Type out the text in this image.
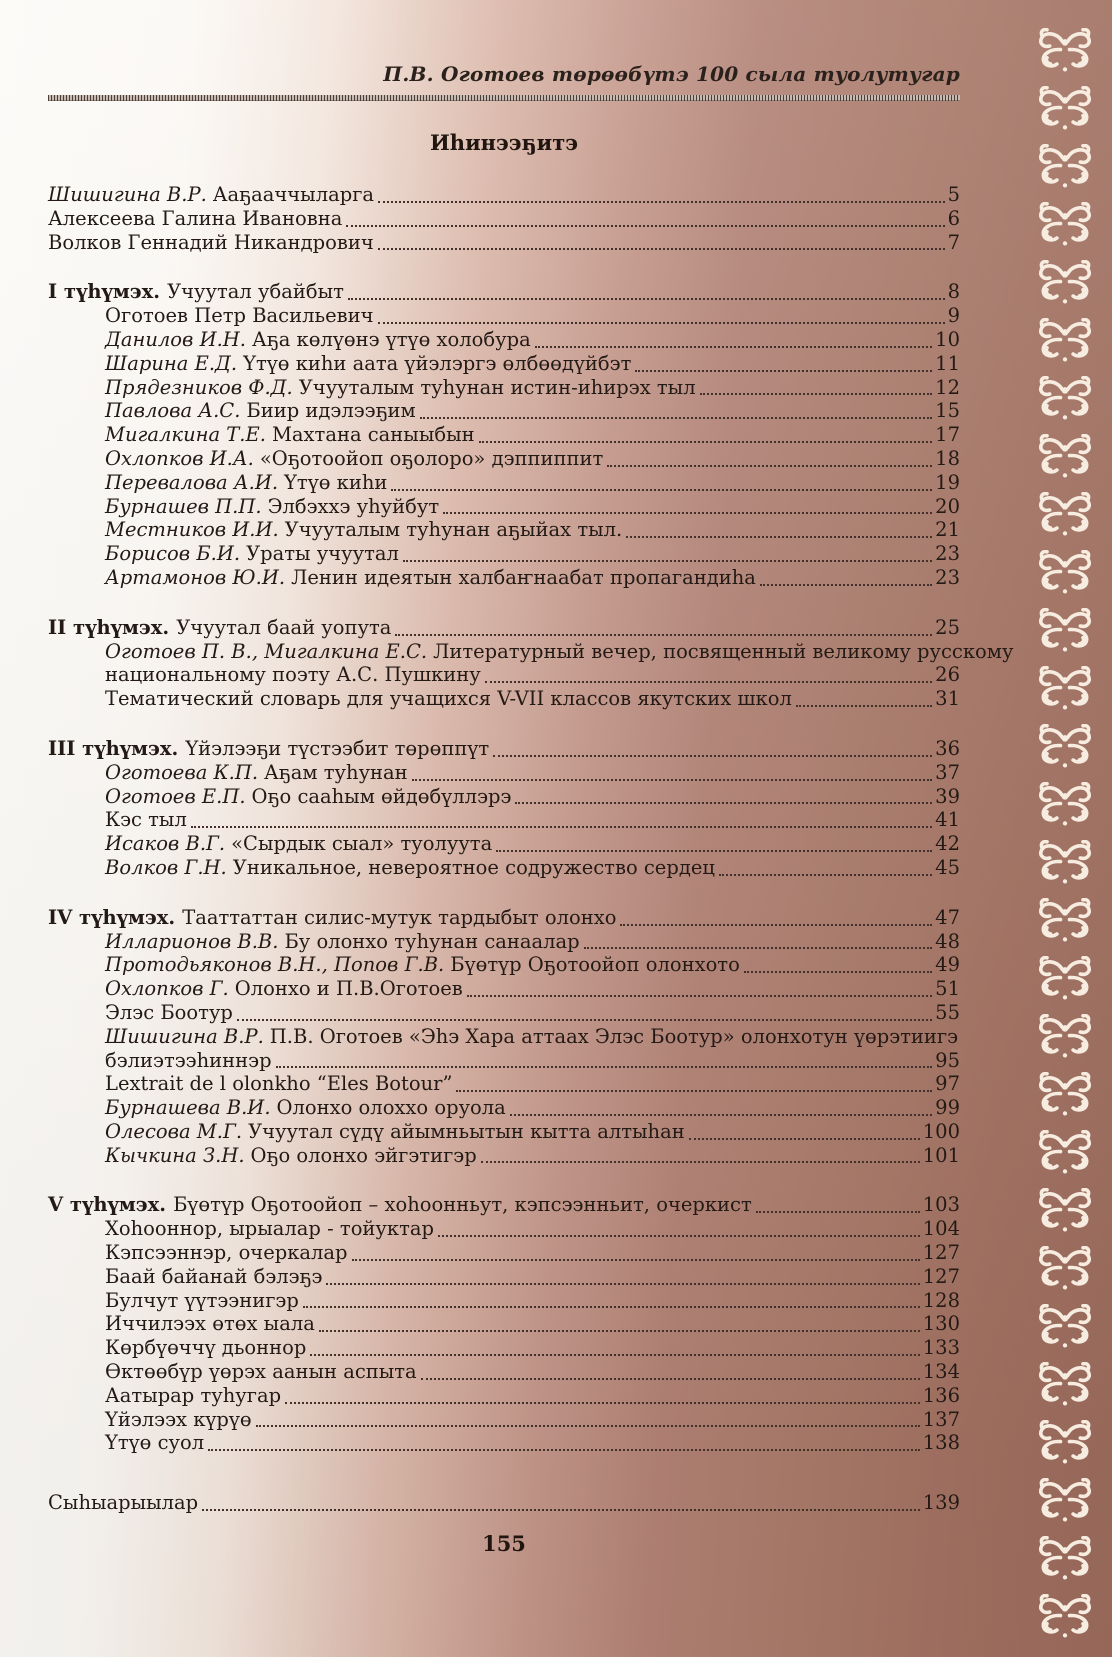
П.В. Оготоев төрөөбүтэ 100 сыла туолутугар
Иһинээҕитэ
Шишигина В.Р. Ааҕааччыларга	5
Алексеева Галина Ивановна	6
Волков Геннадий Никандрович	7
I түһүмэх. Учуутал убайбыт	8
Оготоев Петр Васильевич	9
Данилов И.Н. Аҕа көлүөнэ үтүө холобура	10
Шарина Е.Д. Үтүө киһи аата үйэлэргэ өлбөөдүйбэт	11
Прядезников Ф.Д. Учууталым туһунан истин-иһирэх тыл	12
Павлова А.С. Биир идэлээҕим	15
Мигалкина Т.Е. Махтана саныыбын	17
Охлопков И.А. «Оҕотоойоп оҕолоро» дэппиппит	18
Перевалова А.И. Үтүө киһи	19
Бурнашев П.П. Элбэххэ уһуйбут	20
Местников И.И. Учууталым туһунан аҕыйах тыл.	21
Борисов Б.И. Ураты учуутал	23
Артамонов Ю.И. Ленин идеятын халбаҥнаабат пропагандиһа	23
II түһүмэх. Учуутал баай уопута	25
Оготоев П. В., Мигалкина Е.С. Литературный вечер, посвященный великому русскому
национальному поэту А.С. Пушкину	26
Тематический словарь для учащихся V-VII классов якутских школ	31
III түһүмэх. Үйэлээҕи түстээбит төрөппүт	36
Оготоева К.П. Аҕам туһунан	37
Оготоев Е.П. Оҕо сааһым өйдөбүллэрэ	39
Кэс тыл	41
Исаков В.Г. «Сырдык сыал» туолуута	42
Волков Г.Н. Уникальное, невероятное содружество сердец	45
IV түһүмэх. Тааттаттан силис-мутук тардыбыт олонхо	47
Илларионов В.В. Бу олонхо туһунан санаалар	48
Протодьяконов В.Н., Попов Г.В. Бүөтүр Оҕотоойоп олонхото	49
Охлопков Г. Олонхо и П.В.Оготоев	51
Элэс Боотур	55
Шишигина В.Р. П.В. Оготоев «Эһэ Хара аттаах Элэс Боотур» олонхотун үөрэтиигэ
бэлиэтээһиннэр	95
Lextrait de l olonkho “Eles Botour”	97
Бурнашева В.И. Олонхо олоххо оруола	99
Олесова М.Г. Учуутал сүдү айымньытын кытта алтыһан	100
Кычкина З.Н. Оҕо олонхо эйгэтигэр	101
V түһүмэх. Бүөтүр Оҕотоойоп – хоһоонньут, кэпсээнньит, очеркист	103
Хоһооннор, ырыалар - тойуктар	104
Кэпсээннэр, очеркалар	127
Баай байанай бэлэҕэ	127
Булчут үүтээнигэр	128
Иччилээх өтөх ыала	130
Көрбүөччү дьоннор	133
Өктөөбүр үөрэх аанын аспыта	134
Аатырар туһугар	136
Үйэлээх күрүө	137
Үтүө суол	138
Сыһыарыылар	139
155
